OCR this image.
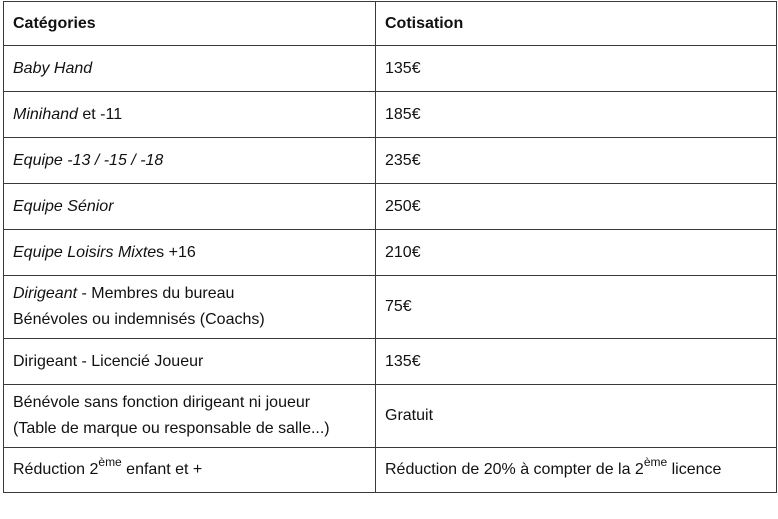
Catégories	Cotisation
Baby Hand	135€
Minihand et -11	185€
Equipe -13 / -15 / -18	235€
Equipe Sénior	250€
Equipe Loisirs Mixtes +16	210€

Dirigeant - Membres du bureau
Bénévoles ou indemnisés (Coachs)	75€
Dirigeant - Licencié Joueur	135€

Bénévole sans fonction dirigeant ni joueur
(Table de marque ou responsable de salle...)	Gratuit
Réduction 2ème enfant et +	Réduction de 20% à compter de la 2ème licence
